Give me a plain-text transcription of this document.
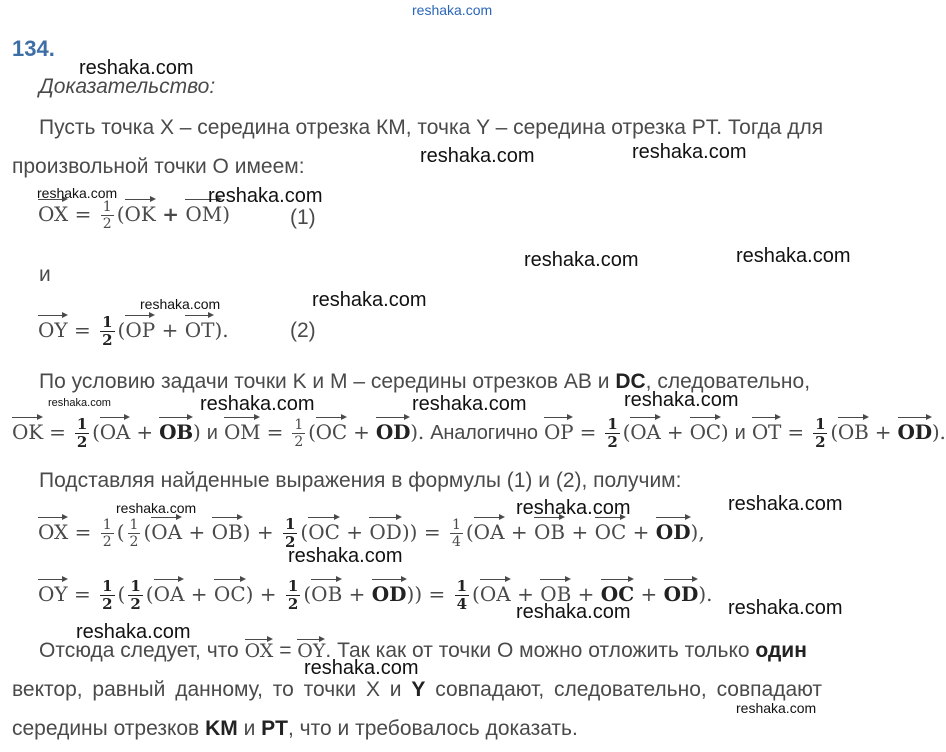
reshaka.com
134.
Доказательство:
Пусть точка X – середина отрезка КМ, точка Y – середина отрезка PT. Тогда для
произвольной точки O имеем:
OX = $\frac{1}{2} (OK + OM)$	(1)
и
OY = $\frac{1}{2} (OP + OT)$.	(2)
По условию задачи точки K и M – середины отрезков AB и DC, следовательно,
OK = $\frac{1}{2} (OA + OB)$ и OM = $\frac{1}{2} (OC + OD)$. Аналогично OP = $\frac{1}{2} (OA + OC)$ и OT = $\frac{1}{2} (OB + OD)$.
Подставляя найденные выражения в формулы (1) и (2), получим:
OX = $\frac{1}{2}$ ( $\frac{1}{2} (OA + OB) + \frac{1}{2} (OC + OD)) = \frac{1}{4} (OA$ + OB + OC + OD),
OY = $\frac{1}{2}$ ( $\frac{1}{2} (OA + OC) + \frac{1}{2} (OB + OD)) = \frac{1}{4} (OA$ + OB + OC + OD).
Отсюда следует, что OX = OY. Так как от точки O можно отложить только один
вектор, равный данному, то точки X и Y совпадают, следовательно, совпадают
середины отрезков KM и PT, что и требовалось доказать.
reshaka.com
reshaka.com	reshaka.com
reshaka.com
reshaka.com	reshaka.com
reshaka.com
reshaka.com	reshaka.com	reshaka.com
reshaka.com	reshaka.com
reshaka.com
reshaka.com	reshaka.com
reshaka.com
reshaka.com
reshaka.com
reshaka.com
reshaka.com
reshaka.com
reshaka.com
